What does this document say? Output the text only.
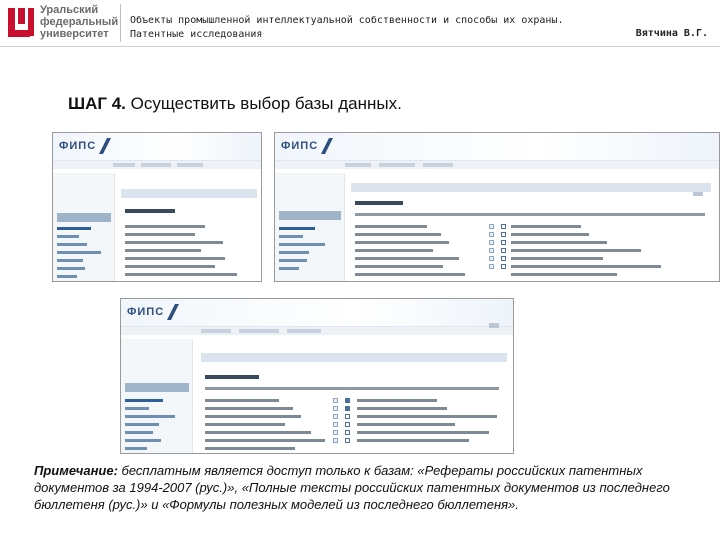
Уральский
федеральный
университет
Объекты промышленной интеллектуальной собственности и способы их охраны.
Патентные исследования	Вятчина В.Г.
ШАГ 4. Осуществить выбор базы данных.
ФИПС	ФИПС
ФИПС
Примечание: бесплатным является доступ только к базам: «Рефераты российских патентных документов за 1994-2007 (рус.)», «Полные тексты российских патентных документов из последнего бюллетеня (рус.)» и «Формулы полезных моделей из последнего бюллетеня».
